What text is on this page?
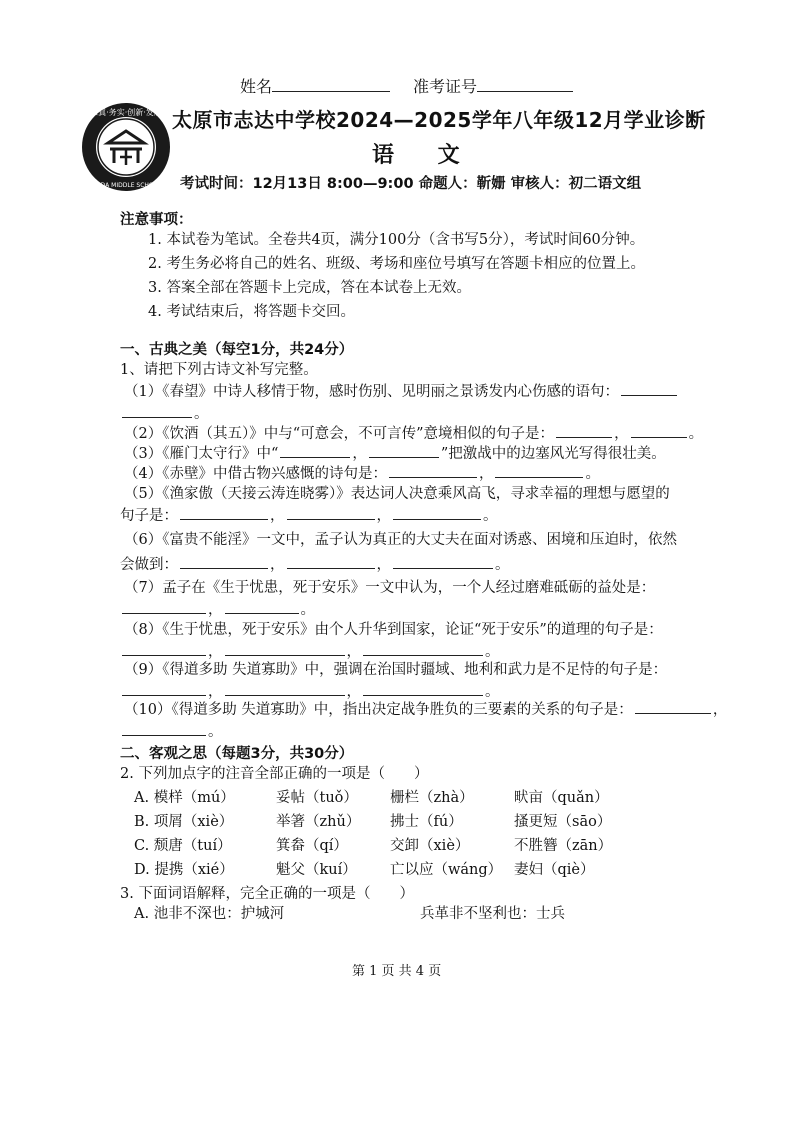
姓名	准考证号
求真·务实·创新·发展
ZHIDA MIDDLE SCHOOL
太原市志达中学校2024—2025学年八年级12月学业诊断
语 文
考试时间：12月13日 8:00—9:00 命题人：靳姗 审核人：初二语文组
注意事项：
1. 本试卷为笔试。全卷共4页，满分100分（含书写5分），考试时间60分钟。
2. 考生务必将自己的姓名、班级、考场和座位号填写在答题卡相应的位置上。
3. 答案全部在答题卡上完成，答在本试卷上无效。
4. 考试结束后，将答题卡交回。
一、古典之美（每空1分，共24分）
1、请把下列古诗文补写完整。
（1）《春望》中诗人移情于物，感时伤别、见明丽之景诱发内心伤感的语句：
。
（2）《饮酒（其五）》中与“可意会，不可言传”意境相似的句子是：	，	。
（3）《雁门太守行》中“	，	”把激战中的边塞风光写得很壮美。
（4）《赤壁》中借古物兴感慨的诗句是：	，	。
（5）《渔家傲（天接云涛连晓雾）》表达词人决意乘风高飞，寻求幸福的理想与愿望的
句子是：	，	，	。
（6）《富贵不能淫》一文中，孟子认为真正的大丈夫在面对诱惑、困境和压迫时，依然
会做到：	，	，	。
（7）孟子在《生于忧患，死于安乐》一文中认为，一个人经过磨难砥砺的益处是：
，	。
（8）《生于忧患，死于安乐》由个人升华到国家，论证“死于安乐”的道理的句子是：
，	，	。
（9）《得道多助 失道寡助》中，强调在治国时疆域、地利和武力是不足恃的句子是：
，	，	。
（10）《得道多助 失道寡助》中，指出决定战争胜负的三要素的关系的句子是：	，
。
二、客观之思（每题3分，共30分）
2. 下列加点字的注音全部正确的一项是（　　）
A. 模样（mú）	妥帖（tuǒ） 栅栏（zhà）	畎亩（quǎn）
B. 项屑（xiè）	举箸（zhǔ） 拂士（fú）	搔更短（sāo）
C. 颓唐（tuí）	箕畚（qí）	交卸（xiè）	不胜簪（zān）
D. 提携（xié）	魁父（kuí） 亡以应（wáng） 妻妇（qiè）
3. 下面词语解释，完全正确的一项是（　　）
A. 池非不深也：护城河	兵革非不坚利也：士兵
第 1 页 共 4 页
